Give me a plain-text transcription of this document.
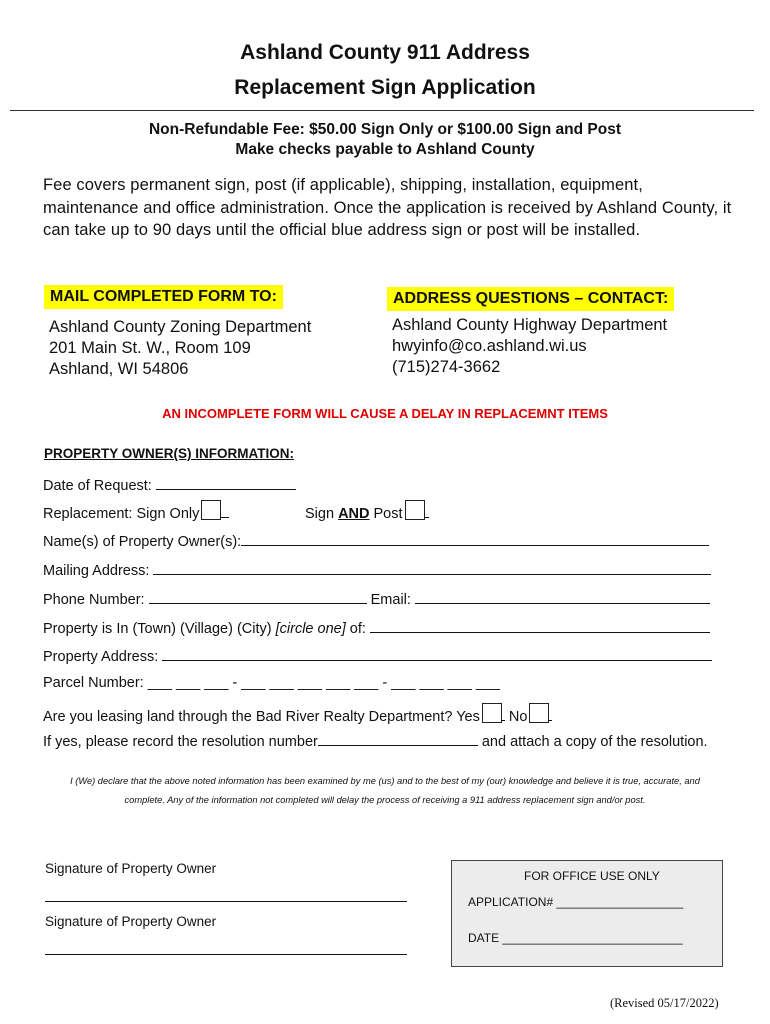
Ashland County 911 Address
Replacement Sign Application
Non-Refundable Fee: $50.00 Sign Only or $100.00 Sign and Post
Make checks payable to Ashland County
Fee covers permanent sign, post (if applicable), shipping, installation, equipment, maintenance and office administration. Once the application is received by Ashland County, it can take up to 90 days until the official blue address sign or post will be installed.
MAIL COMPLETED FORM TO:
Ashland County Zoning Department
201 Main St. W., Room 109
Ashland, WI 54806
ADDRESS QUESTIONS – CONTACT:
Ashland County Highway Department
hwyinfo@co.ashland.wi.us
(715)274-3662
AN INCOMPLETE FORM WILL CAUSE A DELAY IN REPLACEMNT ITEMS
PROPERTY OWNER(S) INFORMATION:
Date of Request:
Replacement: Sign Only	Sign AND Post
Name(s) of Property Owner(s):
Mailing Address:
Phone Number:	Email:
Property is In (Town) (Village) (City) [circle one] of:
Property Address:
Parcel Number: ___ ___ ___ - ___ ___ ___ ___ ___ - ___ ___ ___ ___
Are you leasing land through the Bad River Realty Department? Yes No
If yes, please record the resolution number	and attach a copy of the resolution.
I (We) declare that the above noted information has been examined by me (us) and to the best of my (our) knowledge and believe it is true, accurate, and
complete. Any of the information not completed will delay the process of receiving a 911 address replacement sign and/or post.
Signature of Property Owner
Signature of Property Owner
FOR OFFICE USE ONLY
APPLICATION# ___________________
DATE ___________________________
(Revised 05/17/2022)
